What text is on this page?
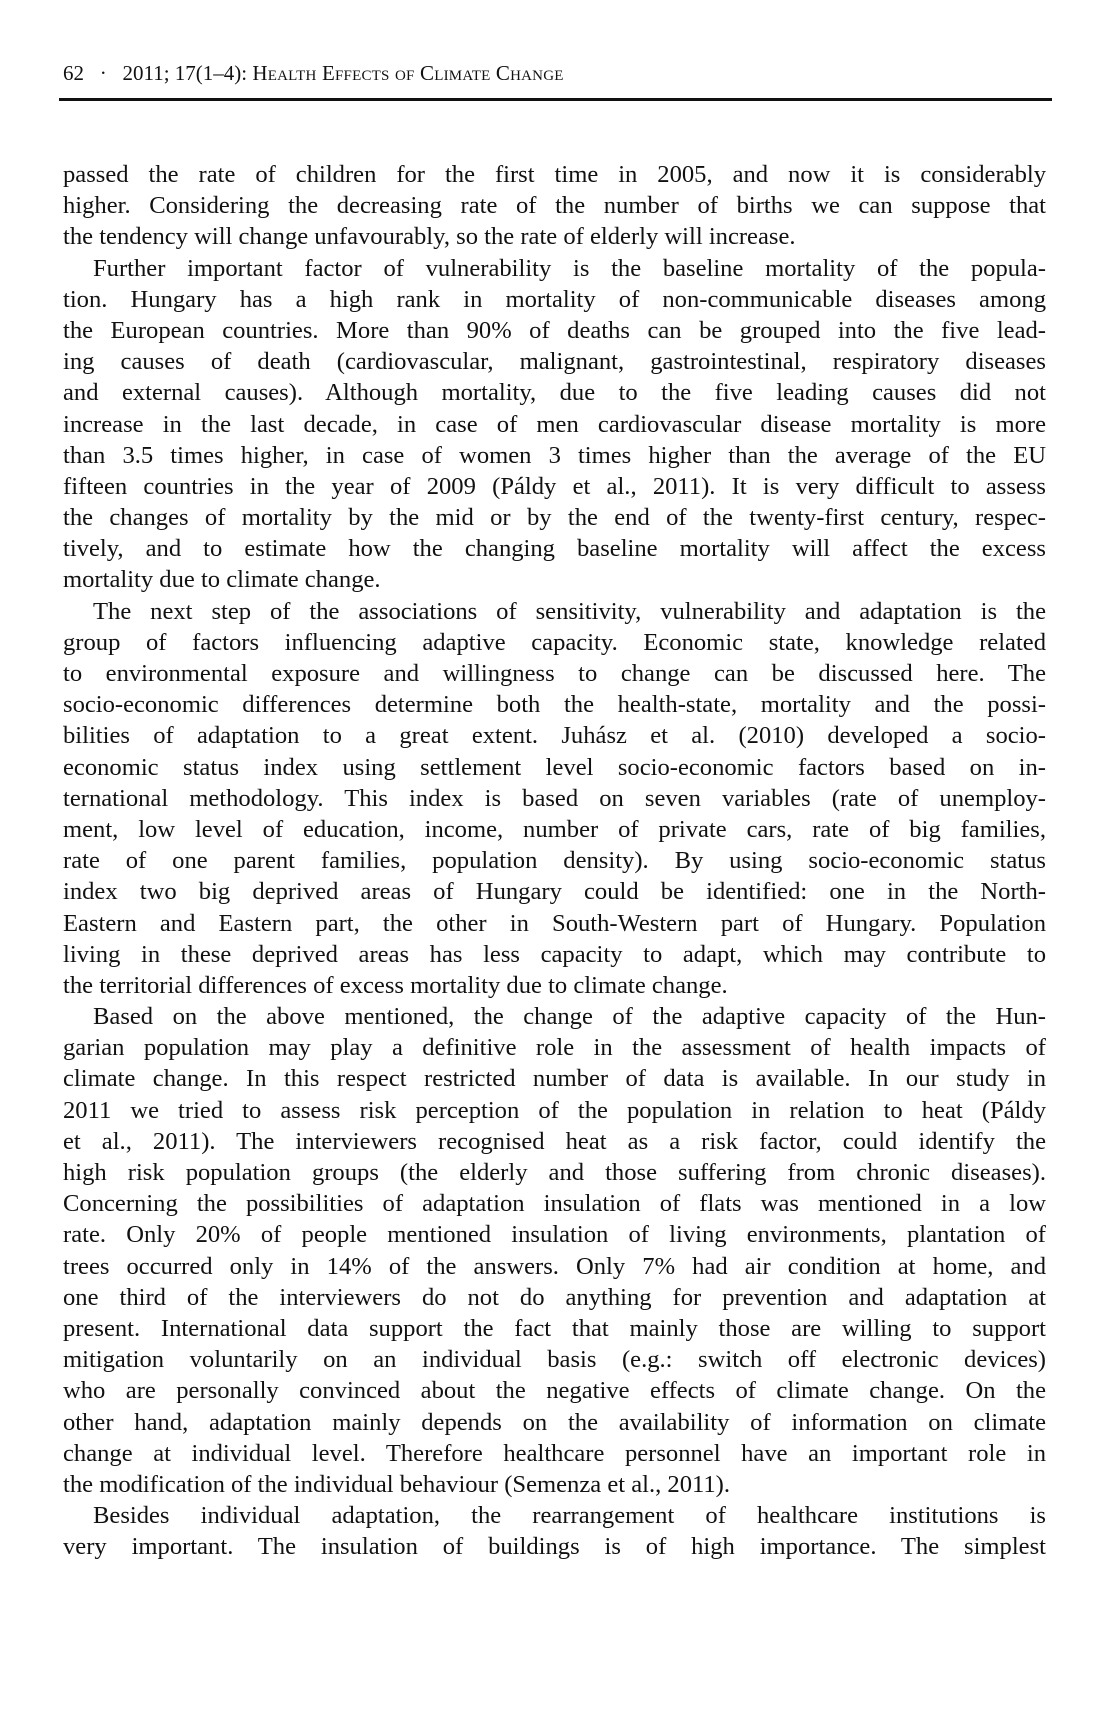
62 · 2011; 17(1–4): Health Effects of Climate Change
passed the rate of children for the first time in 2005, and now it is considerably
higher. Considering the decreasing rate of the number of births we can suppose that
the tendency will change unfavourably, so the rate of elderly will increase.
Further important factor of vulnerability is the baseline mortality of the popula-
tion. Hungary has a high rank in mortality of non-communicable diseases among
the European countries. More than 90% of deaths can be grouped into the five lead-
ing causes of death (cardiovascular, malignant, gastrointestinal, respiratory diseases
and external causes). Although mortality, due to the five leading causes did not
increase in the last decade, in case of men cardiovascular disease mortality is more
than 3.5 times higher, in case of women 3 times higher than the average of the EU
fifteen countries in the year of 2009 (Páldy et al., 2011). It is very difficult to assess
the changes of mortality by the mid or by the end of the twenty-first century, respec-
tively, and to estimate how the changing baseline mortality will affect the excess
mortality due to climate change.
The next step of the associations of sensitivity, vulnerability and adaptation is the
group of factors influencing adaptive capacity. Economic state, knowledge related
to environmental exposure and willingness to change can be discussed here. The
socio-economic differences determine both the health-state, mortality and the possi-
bilities of adaptation to a great extent. Juhász et al. (2010) developed a socio-
economic status index using settlement level socio-economic factors based on in-
ternational methodology. This index is based on seven variables (rate of unemploy-
ment, low level of education, income, number of private cars, rate of big families,
rate of one parent families, population density). By using socio-economic status
index two big deprived areas of Hungary could be identified: one in the North-
Eastern and Eastern part, the other in South-Western part of Hungary. Population
living in these deprived areas has less capacity to adapt, which may contribute to
the territorial differences of excess mortality due to climate change.
Based on the above mentioned, the change of the adaptive capacity of the Hun-
garian population may play a definitive role in the assessment of health impacts of
climate change. In this respect restricted number of data is available. In our study in
2011 we tried to assess risk perception of the population in relation to heat (Páldy
et al., 2011). The interviewers recognised heat as a risk factor, could identify the
high risk population groups (the elderly and those suffering from chronic diseases).
Concerning the possibilities of adaptation insulation of flats was mentioned in a low
rate. Only 20% of people mentioned insulation of living environments, plantation of
trees occurred only in 14% of the answers. Only 7% had air condition at home, and
one third of the interviewers do not do anything for prevention and adaptation at
present. International data support the fact that mainly those are willing to support
mitigation voluntarily on an individual basis (e.g.: switch off electronic devices)
who are personally convinced about the negative effects of climate change. On the
other hand, adaptation mainly depends on the availability of information on climate
change at individual level. Therefore healthcare personnel have an important role in
the modification of the individual behaviour (Semenza et al., 2011).
Besides individual adaptation, the rearrangement of healthcare institutions is
very important. The insulation of buildings is of high importance. The simplest
